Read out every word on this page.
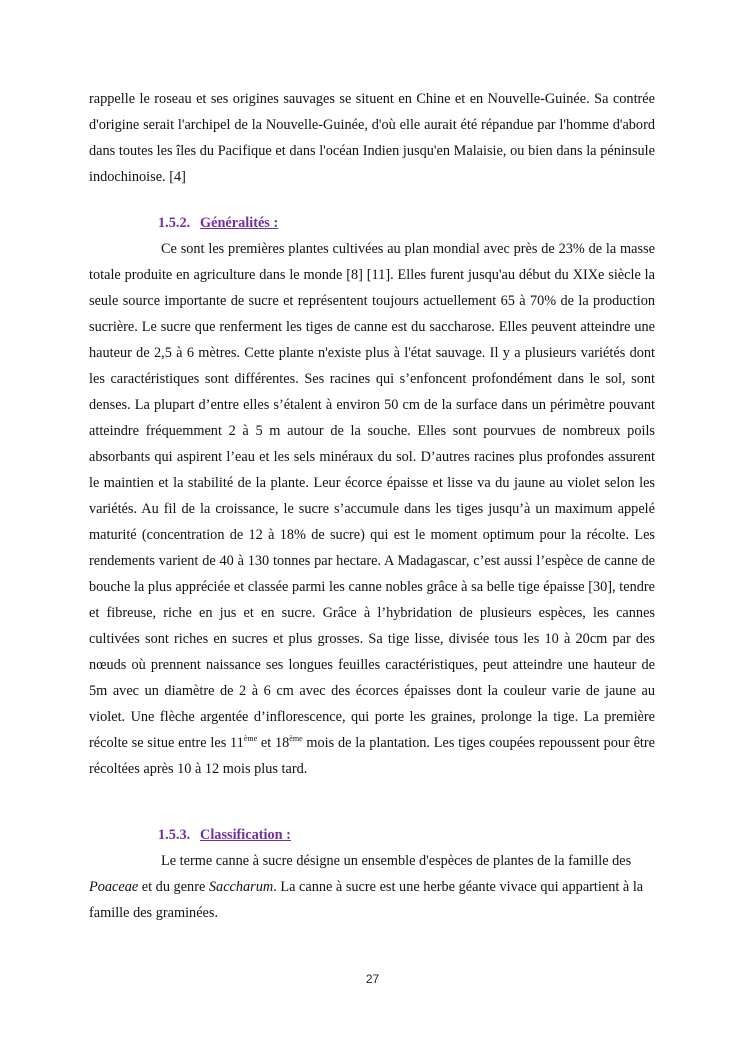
rappelle le roseau et ses origines sauvages se situent en Chine et en Nouvelle-Guinée. Sa contrée d'origine serait l'archipel de la Nouvelle-Guinée, d'où elle aurait été répandue par l'homme d'abord dans toutes les îles du Pacifique et dans l'océan Indien jusqu'en Malaisie, ou bien dans la péninsule indochinoise. [4]

1.5.2. Généralités :

Ce sont les premières plantes cultivées au plan mondial avec près de 23% de la masse totale produite en agriculture dans le monde [8] [11]. Elles furent jusqu'au début du XIXe siècle la seule source importante de sucre et représentent toujours actuellement 65 à 70% de la production sucrière. Le sucre que renferment les tiges de canne est du saccharose. Elles peuvent atteindre une hauteur de 2,5 à 6 mètres. Cette plante n'existe plus à l'état sauvage. Il y a plusieurs variétés dont les caractéristiques sont différentes. Ses racines qui s’enfoncent profondément dans le sol, sont denses. La plupart d’entre elles s’étalent à environ 50 cm de la surface dans un périmètre pouvant atteindre fréquemment 2 à 5 m autour de la souche. Elles sont pourvues de nombreux poils absorbants qui aspirent l’eau et les sels minéraux du sol. D’autres racines plus profondes assurent le maintien et la stabilité de la plante. Leur écorce épaisse et lisse va du jaune au violet selon les variétés. Au fil de la croissance, le sucre s’accumule dans les tiges jusqu’à un maximum appelé maturité (concentration de 12 à 18% de sucre) qui est le moment optimum pour la récolte. Les rendements varient de 40 à 130 tonnes par hectare. A Madagascar, c’est aussi l’espèce de canne de bouche la plus appréciée et classée parmi les canne nobles grâce à sa belle tige épaisse [30], tendre et fibreuse, riche en jus et en sucre. Grâce à l’hybridation de plusieurs espèces, les cannes cultivées sont riches en sucres et plus grosses. Sa tige lisse, divisée tous les 10 à 20cm par des nœuds où prennent naissance ses longues feuilles caractéristiques, peut atteindre une hauteur de 5m avec un diamètre de 2 à 6 cm avec des écorces épaisses dont la couleur varie de jaune au violet. Une flèche argentée d’inflorescence, qui porte les graines, prolonge la tige. La première récolte se situe entre les 11ème et 18ème mois de la plantation. Les tiges coupées repoussent pour être récoltées après 10 à 12 mois plus tard.

1.5.3. Classification :

Le terme canne à sucre désigne un ensemble d'espèces de plantes de la famille des Poaceae et du genre Saccharum. La canne à sucre est une herbe géante vivace qui appartient à la famille des graminées.

27
